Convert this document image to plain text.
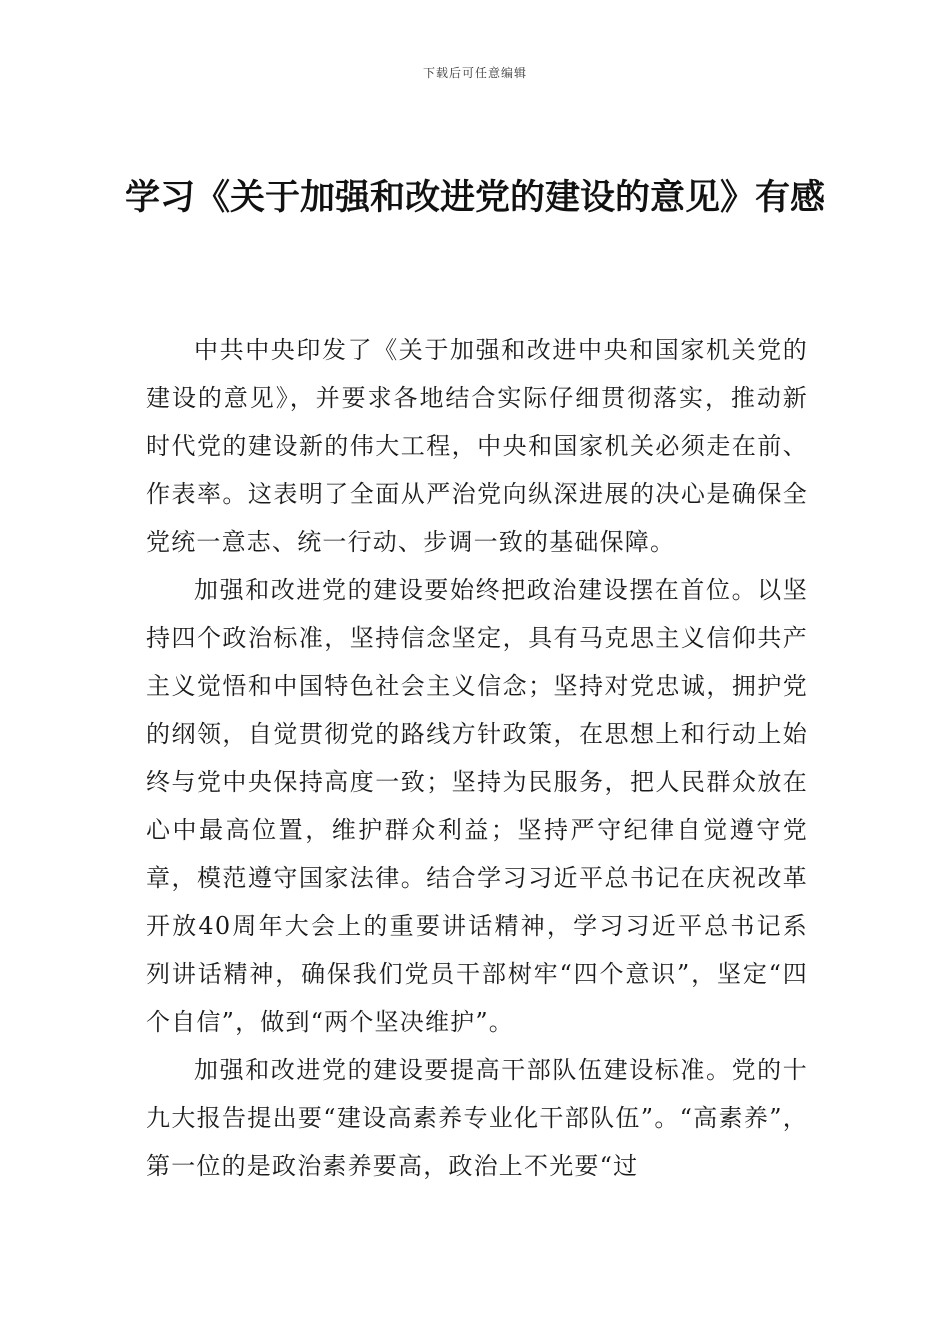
下载后可任意编辑
学习《关于加强和改进党的建设的意见》有感

中共中央印发了《关于加强和改进中央和国家机关党的建设的意见》，并要求各地结合实际仔细贯彻落实，推动新时代党的建设新的伟大工程，中央和国家机关必须走在前、作表率。这表明了全面从严治党向纵深进展的决心是确保全党统一意志、统一行动、步调一致的基础保障。

加强和改进党的建设要始终把政治建设摆在首位。以坚持四个政治标准，坚持信念坚定，具有马克思主义信仰共产主义觉悟和中国特色社会主义信念；坚持对党忠诚，拥护党的纲领，自觉贯彻党的路线方针政策，在思想上和行动上始终与党中央保持高度一致；坚持为民服务，把人民群众放在心中最高位置，维护群众利益；坚持严守纪律自觉遵守党章，模范遵守国家法律。结合学习习近平总书记在庆祝改革开放40周年大会上的重要讲话精神，学习习近平总书记系列讲话精神，确保我们党员干部树牢“四个意识”，坚定“四个自信”，做到“两个坚决维护”。

加强和改进党的建设要提高干部队伍建设标准。党的十九大报告提出要“建设高素养专业化干部队伍”。“高素养”，第一位的是政治素养要高，政治上不光要“过
